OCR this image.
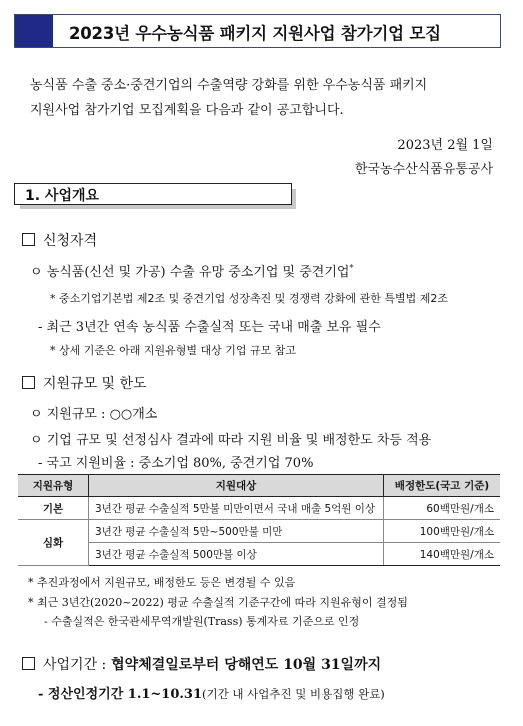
2023년 우수농식품 패키지 지원사업 참가기업 모집
농식품 수출 중소·중견기업의 수출역량 강화를 위한 우수농식품 패키지
지원사업 참가기업 모집계획을 다음과 같이 공고합니다.
2023년 2월 1일
한국농수산식품유통공사
1. 사업개요
신청자격
ㅇ 농식품(신선 및 가공) 수출 유망 중소기업 및 중견기업*
* 중소기업기본법 제2조 및 중견기업 성장촉진 및 경쟁력 강화에 관한 특별법 제2조
- 최근 3년간 연속 농식품 수출실적 또는 국내 매출 보유 필수
* 상세 기준은 아래 지원유형별 대상 기업 규모 참고
지원규모 및 한도
ㅇ 지원규모 : ○○개소
ㅇ 기업 규모 및 선정심사 결과에 따라 지원 비율 및 배정한도 차등 적용
- 국고 지원비율 : 중소기업 80%, 중견기업 70%
지원유형	지원대상	배정한도(국고 기준)
기본	3년간 평균 수출실적 5만불 미만이면서 국내 매출 5억원 이상	60백만원/개소
심화	3년간 평균 수출실적 5만~500만불 미만	100백만원/개소
	3년간 평균 수출실적 500만불 이상	140백만원/개소
* 추진과정에서 지원규모, 배정한도 등은 변경될 수 있음
* 최근 3년간(2020~2022) 평균 수출실적 기준구간에 따라 지원유형이 결정됨
- 수출실적은 한국관세무역개발원(Trass) 통계자료 기준으로 인정
사업기간 : 협약체결일로부터 당해연도 10월 31일까지
- 정산인정기간 1.1~10.31(기간 내 사업추진 및 비용집행 완료)
